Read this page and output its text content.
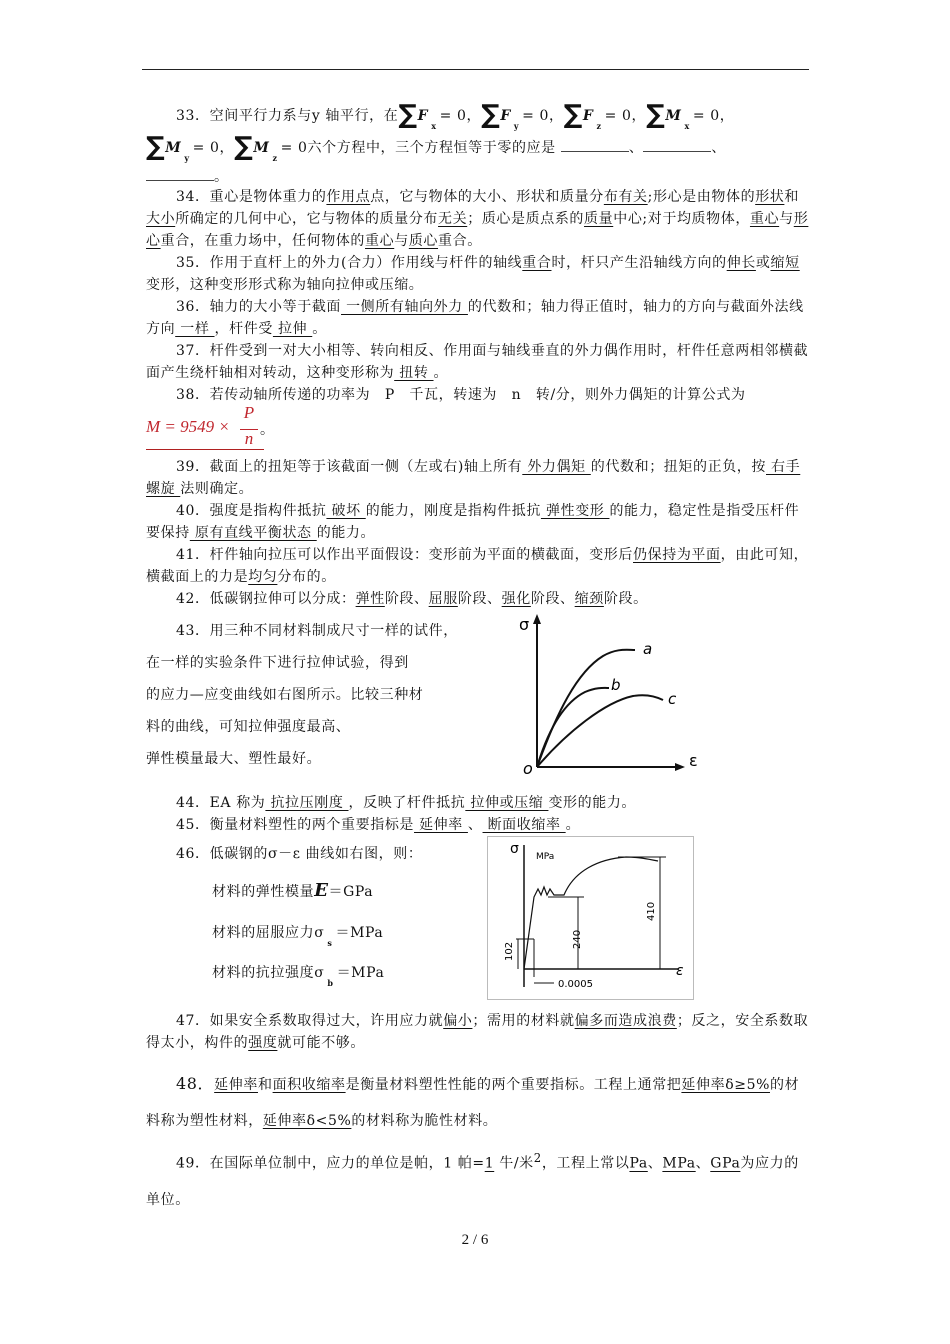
33．空间平行力系与y 轴平行，在$\sum F_x= 0$，$\sum F_y= 0$，$\sum F_z= 0$，$\sum M_x= 0$，
$\sum M_y= 0$，$\sum M_z= 0$六个方程中，三个方程恒等于零的应是	、	、
。
34．重心是物体重力的作用点点，它与物体的大小、形状和质量分布有关;形心是由物体的形状和大小所确定的几何中心，它与物体的质量分布无关；质心是质点系的质量中心;对于均质物体，重心与形心重合，在重力场中，任何物体的重心与质心重合。
35．作用于直杆上的外力(合力）作用线与杆件的轴线重合时，杆只产生沿轴线方向的伸长或缩短变形，这种变形形式称为轴向拉伸或压缩。
36．轴力的大小等于截面 一侧所有轴向外力 的代数和；轴力得正值时，轴力的方向与截面外法线方向 一样 ，杆件受 拉伸 。
37．杆件受到一对大小相等、转向相反、作用面与轴线垂直的外力偶作用时，杆件任意两相邻横截面产生绕杆轴相对转动，这种变形称为 扭转 。
38．若传动轴所传递的功率为　P　千瓦，转速为　n　转/分，则外力偶矩的计算公式为
M = 9549 ×
P
n 。
39．截面上的扭矩等于该截面一侧（左或右)轴上所有 外力偶矩 的代数和；扭矩的正负，按 右手螺旋 法则确定。
40．强度是指构件抵抗 破坏 的能力，刚度是指构件抵抗 弹性变形 的能力，稳定性是指受压杆件要保持 原有直线平衡状态 的能力。
41．杆件轴向拉压可以作出平面假设：变形前为平面的横截面，变形后仍保持为平面，由此可知，横截面上的力是均匀分布的。
42．低碳钢拉伸可以分成：弹性阶段、屈服阶段、强化阶段、缩颈阶段。
43．用三种不同材料制成尺寸一样的试件，
在一样的实验条件下进行拉伸试验，得到
的应力—应变曲线如右图所示。比较三种材
料的曲线，可知拉伸强度最高、
弹性模量最大、塑性最好。
σ
ε
o
a
b
c
44．EA 称为 抗拉压刚度 ，反映了杆件抵抗 拉伸或压缩 变形的能力。
45．衡量材料塑性的两个重要指标是 延伸率 、 断面收缩率 。
46．低碳钢的σ－ε 曲线如右图，则：
材料的弹性模量E＝GPa
材料的屈服应力$\sigma_s=MPa$
材料的抗拉强度$\sigma_b=MPa$
σ MPa
ε
102
240
410
0.0005
47．如果安全系数取得过大，许用应力就偏小；需用的材料就偏多而造成浪费；反之，安全系数取得太小，构件的强度就可能不够。
48．延伸率和面积收缩率是衡量材料塑性性能的两个重要指标。工程上通常把延伸率δ≥5%的材料称为塑性材料，延伸率δ<5%的材料称为脆性材料。
49．在国际单位制中，应力的单位是帕，1 帕=1 牛/米$^2$，工程上常以Pa、MPa、GPa为应力的单位。
2 / 6
